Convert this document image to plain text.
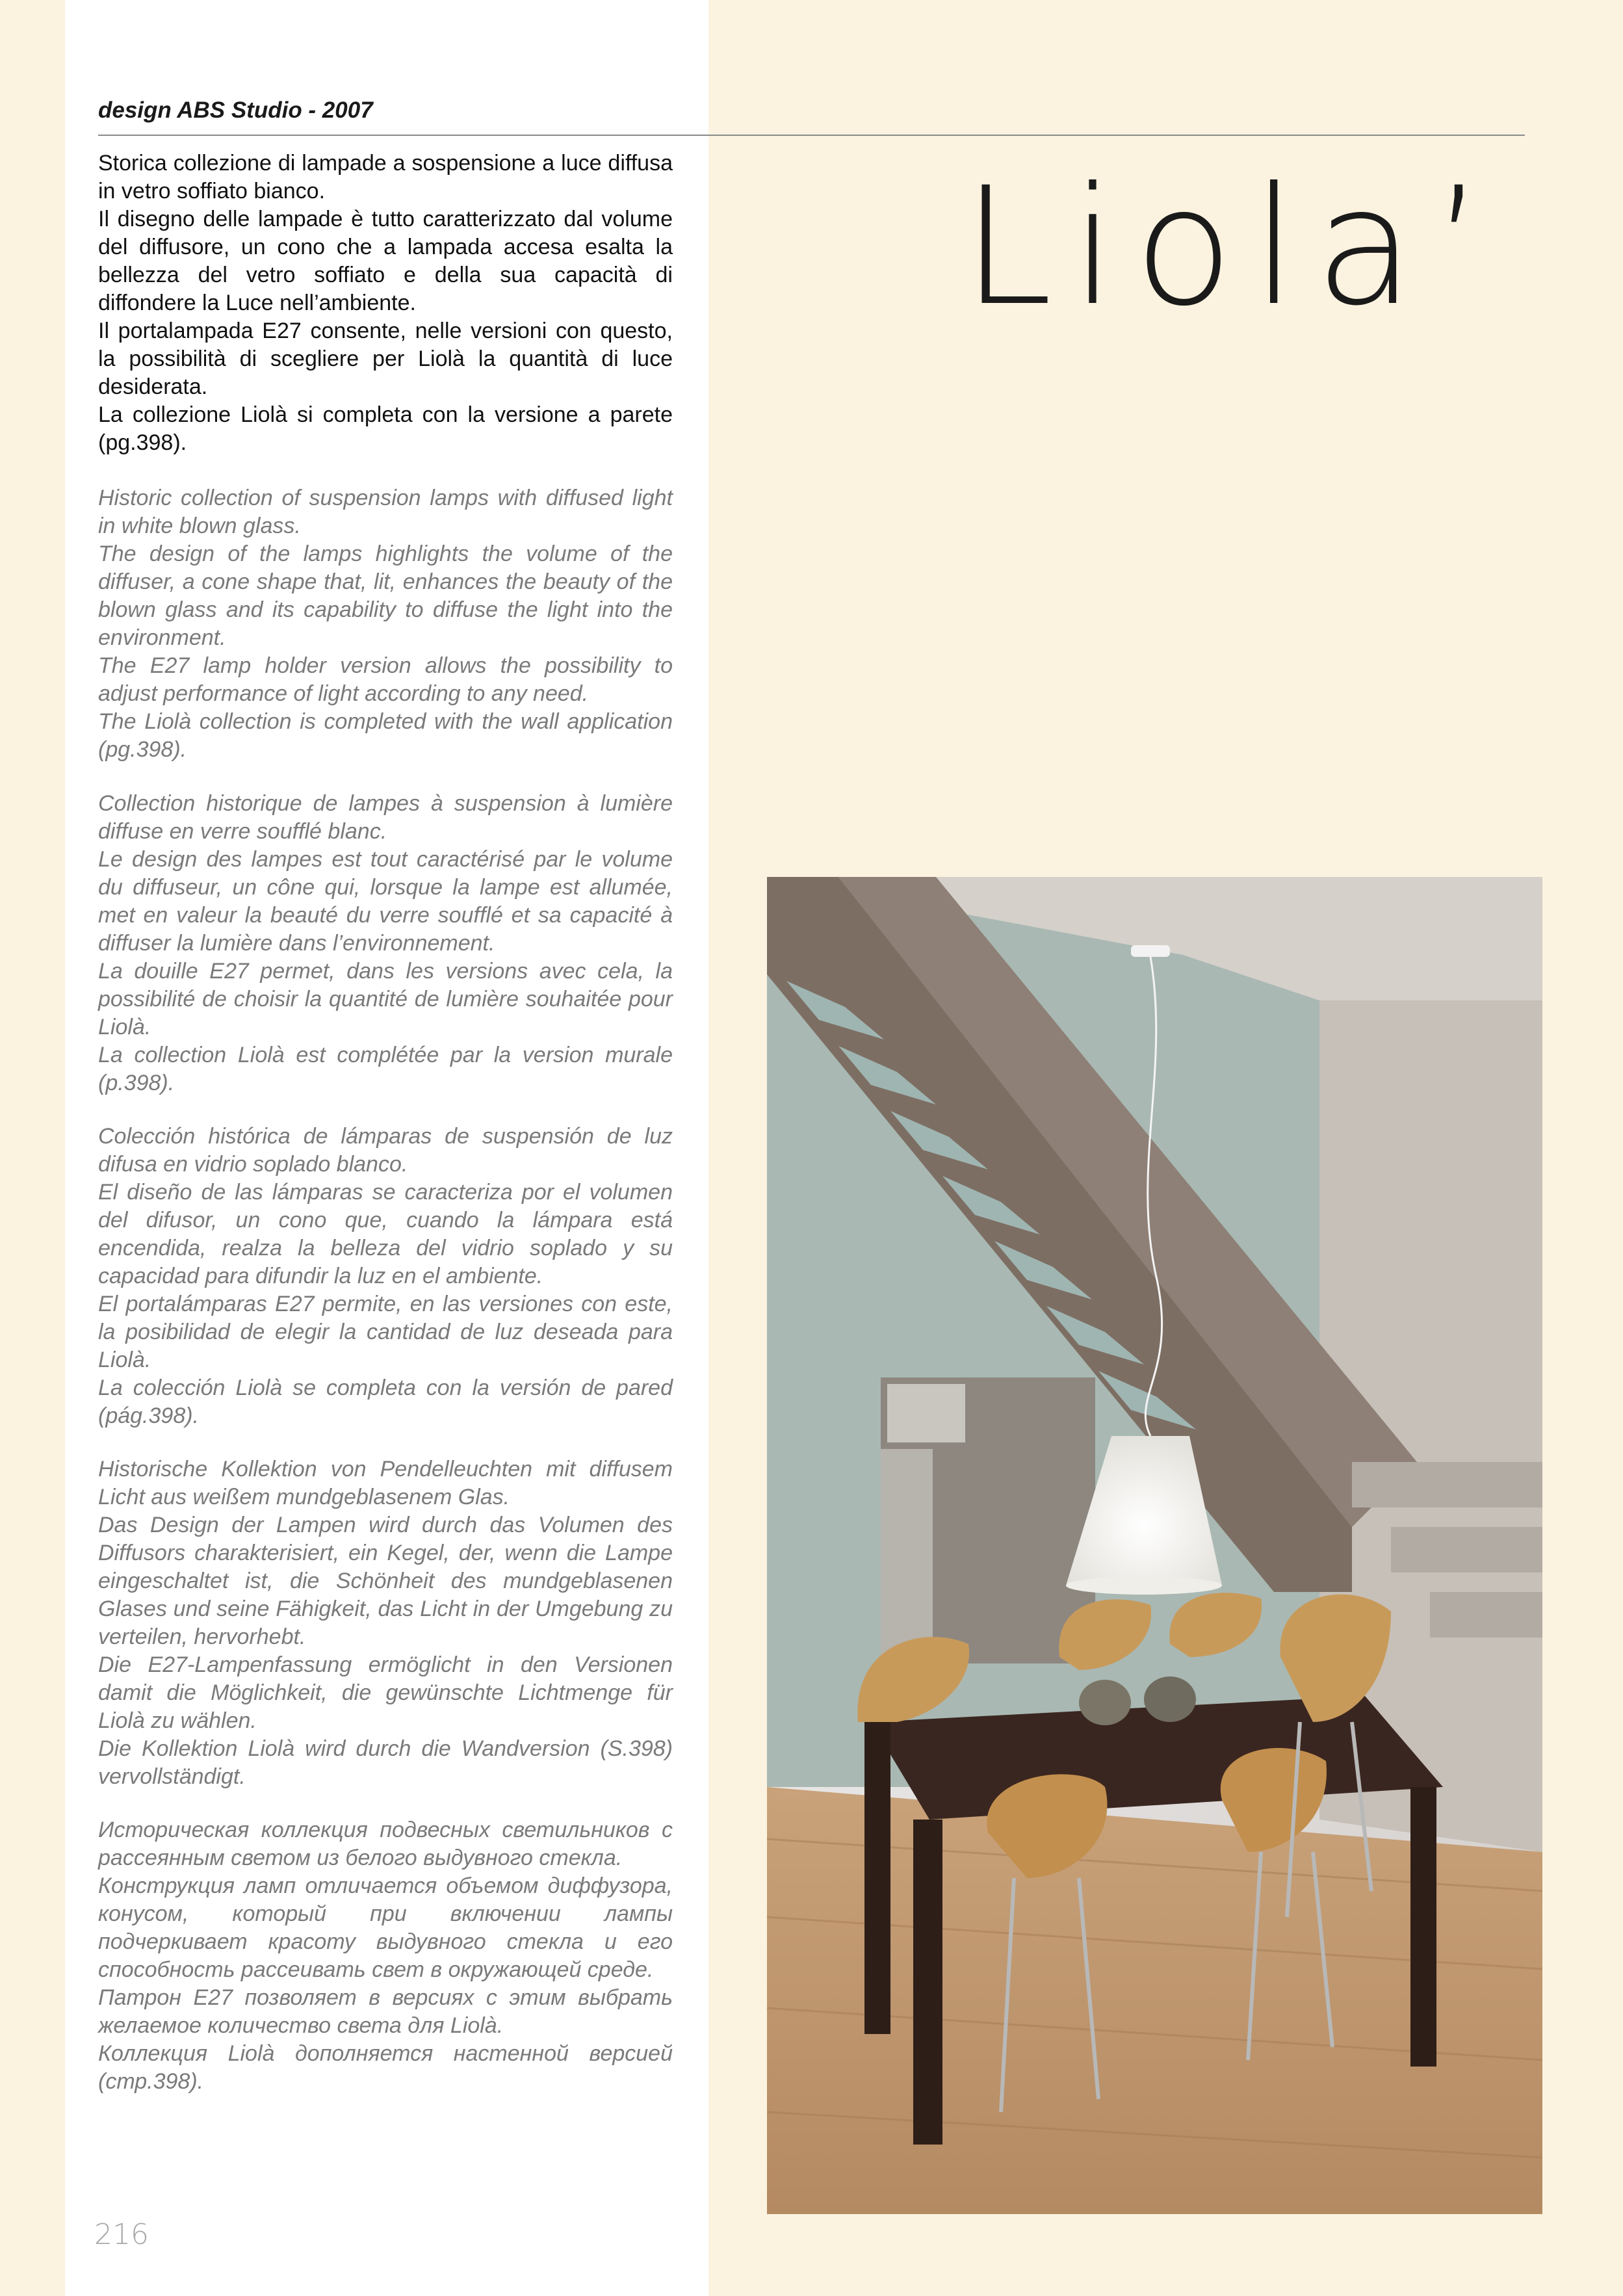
design ABS Studio - 2007
Liola’

Storica collezione di lampade a sospensione a luce diffusa in vetro soffiato bianco.

Il disegno delle lampade è tutto caratterizzato dal volume del diffusore, un cono che a lampada accesa esalta la bellezza del vetro soffiato e della sua capacità di diffondere la Luce nell’ambiente.

Il portalampada E27 consente, nelle versioni con questo, la possibilità di scegliere per Liolà la quantità di luce desiderata.

La collezione Liolà si completa con la versione a parete (pg.398).

Historic collection of suspension lamps with diffused light in white blown glass.

The design of the lamps highlights the volume of the diffuser, a cone shape that, lit, enhances the beauty of the blown glass and its capability to diffuse the light into the environment.

The E27 lamp holder version allows the possibility to adjust performance of light according to any need.

The Liolà collection is completed with the wall application (pg.398).

Collection historique de lampes à suspension à lumière diffuse en verre soufflé blanc.

Le design des lampes est tout caractérisé par le volume du diffuseur, un cône qui, lorsque la lampe est allumée, met en valeur la beauté du verre soufflé et sa capacité à diffuser la lumière dans l’environnement.

La douille E27 permet, dans les versions avec cela, la possibilité de choisir la quantité de lumière souhaitée pour Liolà.

La collection Liolà est complétée par la version murale (p.398).

Colección histórica de lámparas de suspensión de luz difusa en vidrio soplado blanco.

El diseño de las lámparas se caracteriza por el volumen del difusor, un cono que, cuando la lámpara está encendida, realza la belleza del vidrio soplado y su capacidad para difundir la luz en el ambiente.

El portalámparas E27 permite, en las versiones con este, la posibilidad de elegir la cantidad de luz deseada para Liolà.

La colección Liolà se completa con la versión de pared (pág.398).

Historische Kollektion von Pendelleuchten mit diffusem Licht aus weißem mundgeblasenem Glas.

Das Design der Lampen wird durch das Volumen des Diffusors charakterisiert, ein Kegel, der, wenn die Lampe eingeschaltet ist, die Schönheit des mundgeblasenen Glases und seine Fähigkeit, das Licht in der Umgebung zu verteilen, hervorhebt.

Die E27-Lampenfassung ermöglicht in den Versionen damit die Möglichkeit, die gewünschte Lichtmenge für Liolà zu wählen.

Die Kollektion Liolà wird durch die Wandversion (S.398) vervollständigt.

Историческая коллекция подвесных светильников с рассеянным светом из белого выдувного стекла.

Конструкция ламп отличается объемом диффузора, конусом, который при включении лампы подчеркивает красоту выдувного стекла и его способность рассеивать свет в окружающей среде.

Патрон Е27 позволяет в версиях с этим выбрать желаемое количество света для Liolà.

Коллекция Liolà дополняется настенной версией (стр.398).

216
